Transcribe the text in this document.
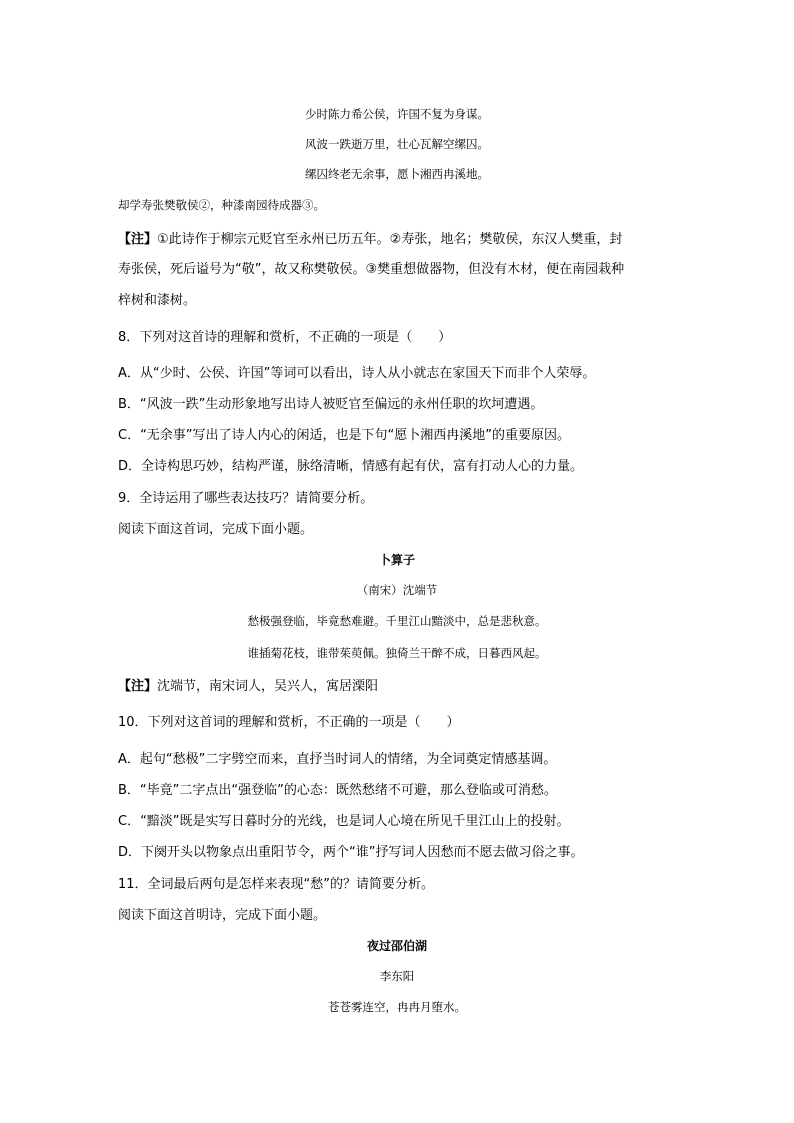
少时陈力希公侯，许国不复为身谋。
风波一跌逝万里，壮心瓦解空缧囚。
缧囚终老无余事，愿卜湘西冉溪地。
却学寿张樊敬侯②，种漆南园待成器③。
【注】①此诗作于柳宗元贬官至永州已历五年。②寿张，地名；樊敬侯，东汉人樊重，封
寿张侯，死后谥号为“敬”，故又称樊敬侯。③樊重想做器物，但没有木材，便在南园栽种
梓树和漆树。
8．下列对这首诗的理解和赏析，不正确的一项是（　　）
A．从“少时、公侯、许国”等词可以看出，诗人从小就志在家国天下而非个人荣辱。
B．“风波一跌”生动形象地写出诗人被贬官至偏远的永州任职的坎坷遭遇。
C．“无余事”写出了诗人内心的闲适，也是下句“愿卜湘西冉溪地”的重要原因。
D．全诗构思巧妙，结构严谨，脉络清晰，情感有起有伏，富有打动人心的力量。
9．全诗运用了哪些表达技巧？请简要分析。
阅读下面这首词，完成下面小题。
卜算子
（南宋）沈端节
愁极强登临，毕竟愁难避。千里江山黯淡中，总是悲秋意。
谁插菊花枝，谁带茱萸佩。独倚兰干醉不成，日暮西风起。
【注】沈端节，南宋词人，吴兴人，寓居溧阳
10．下列对这首词的理解和赏析，不正确的一项是（　　）
A．起句“愁极”二字劈空而来，直抒当时词人的情绪，为全词奠定情感基调。
B．“毕竟”二字点出“强登临”的心态：既然愁绪不可避，那么登临或可消愁。
C．“黯淡”既是实写日暮时分的光线，也是词人心境在所见千里江山上的投射。
D．下阕开头以物象点出重阳节令，两个“谁”抒写词人因愁而不愿去做习俗之事。
11．全词最后两句是怎样来表现“愁”的？请简要分析。
阅读下面这首明诗，完成下面小题。
夜过邵伯湖
李东阳
苍苍雾连空，冉冉月堕水。
